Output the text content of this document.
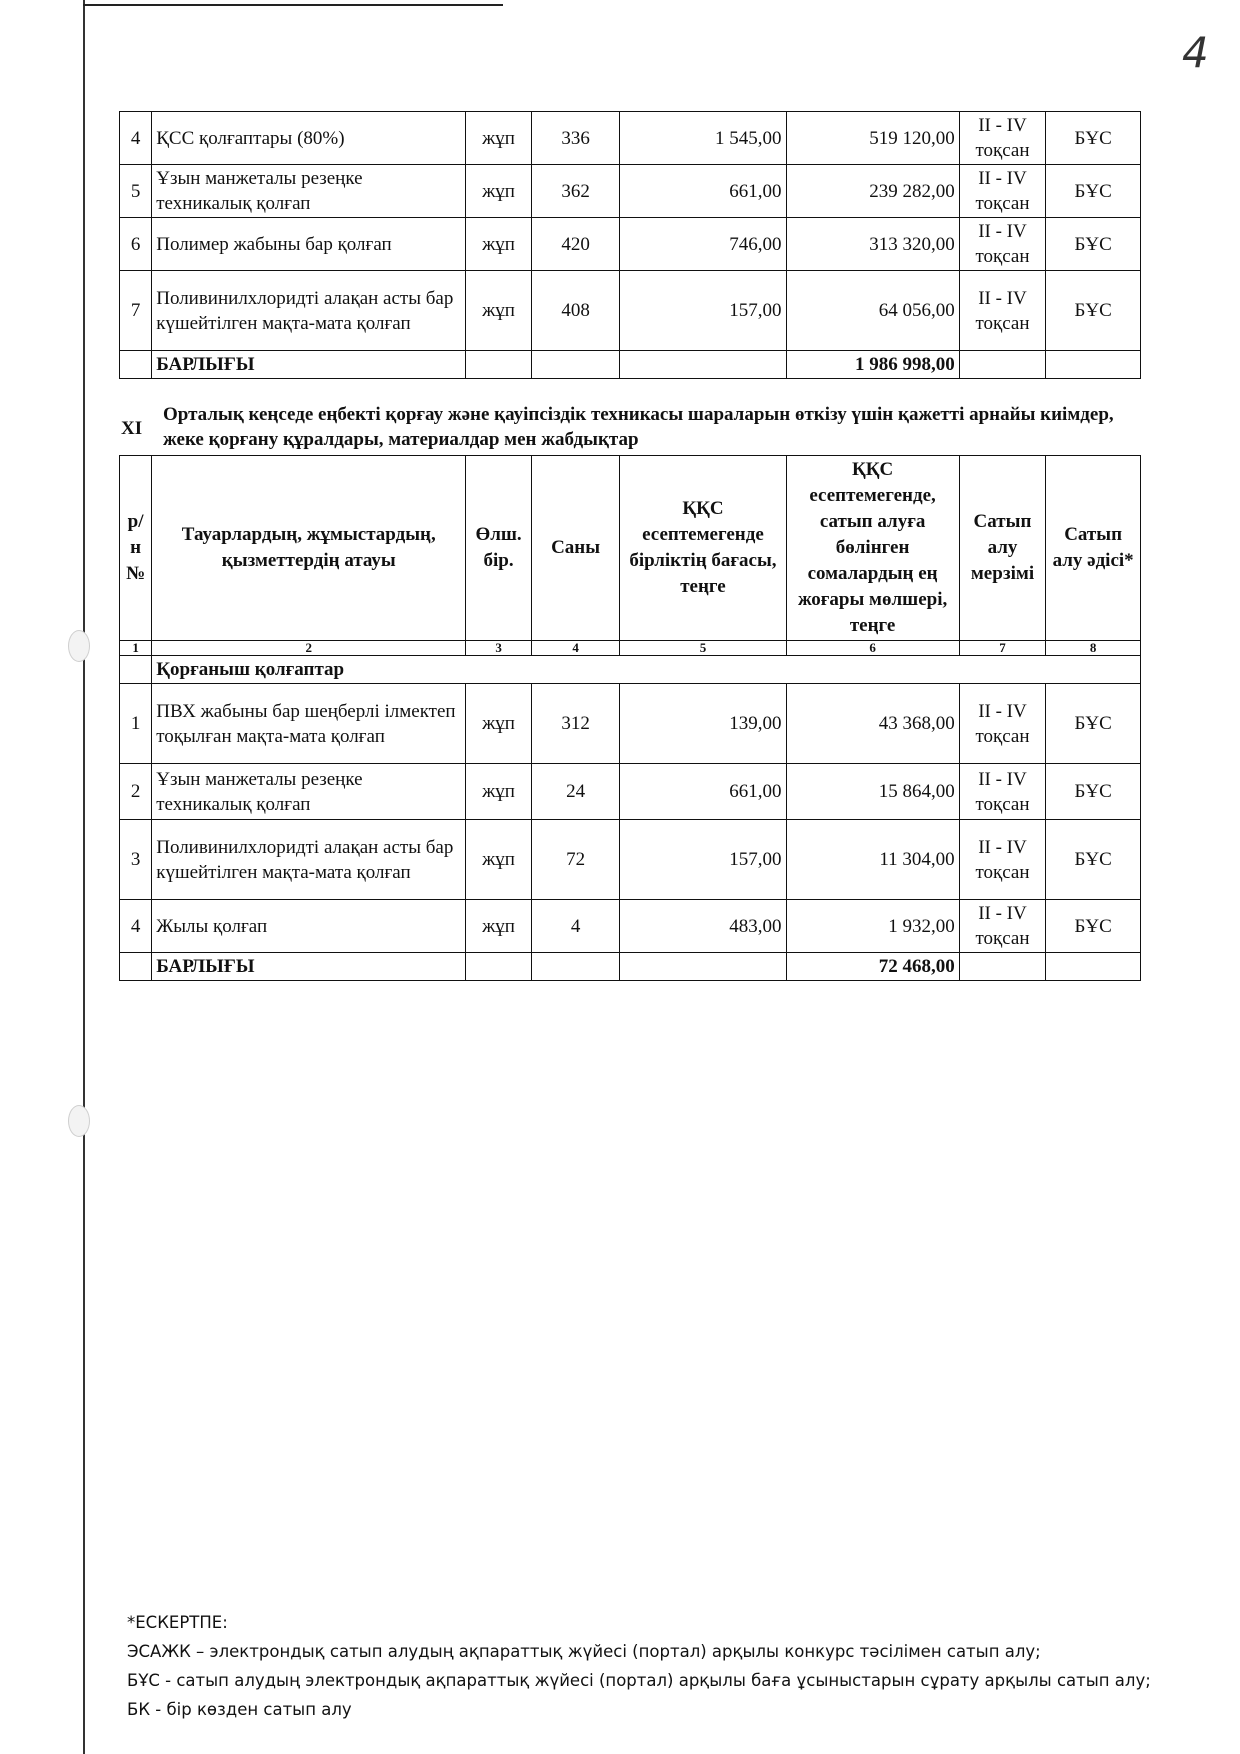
4
4	ҚСС қолғаптары (80%)	жұп	336	1 545,00	519 120,00	II - IV тоқсан	БҰС
5	Ұзын манжеталы резеңке техникалық қолғап	жұп	362	661,00	239 282,00	II - IV тоқсан	БҰС
6	Полимер жабыны бар қолғап	жұп	420	746,00	313 320,00	II - IV тоқсан	БҰС
7	Поливинилхлоридті алақан асты бар күшейтілген мақта-мата қолғап	жұп	408	157,00	64 056,00	II - IV тоқсан	БҰС
	БАРЛЫҒЫ				1 986 998,00		
XI
Орталық кеңседе еңбекті қорғау және қауіпсіздік техникасы шараларын өткізу үшін қажетті арнайы киімдер, жеке қорғану құралдары, материалдар мен жабдықтар
р/н №	Тауарлардың, жұмыстардың, қызметтердің атауы	Өлш. бір.	Саны	ҚҚС есептемегенде бірліктің бағасы, теңге	ҚҚС есептемегенде, сатып алуға бөлінген сомалардың ең жоғары мөлшері, теңге	Сатып алу мерзімі	Сатып алу әдісі*
1	2	3	4	5	6	7	8
	Қорғаныш қолғаптар						
1	ПВХ жабыны бар шеңберлі ілмектеп тоқылған мақта-мата қолғап	жұп	312	139,00	43 368,00	II - IV тоқсан	БҰС
2	Ұзын манжеталы резеңке техникалық қолғап	жұп	24	661,00	15 864,00	II - IV тоқсан	БҰС
3	Поливинилхлоридті алақан асты бар күшейтілген мақта-мата қолғап	жұп	72	157,00	11 304,00	II - IV тоқсан	БҰС
4	Жылы қолғап	жұп	4	483,00	1 932,00	II - IV тоқсан	БҰС
	БАРЛЫҒЫ				72 468,00		
*ЕСКЕРТПЕ:
ЭСАЖК – электрондық сатып алудың ақпараттық жүйесі (портал) арқылы конкурс тәсілімен сатып алу;
БҰС - сатып алудың электрондық ақпараттық жүйесі (портал) арқылы баға ұсыныстарын сұрату арқылы сатып алу;
БК - бір көзден сатып алу
